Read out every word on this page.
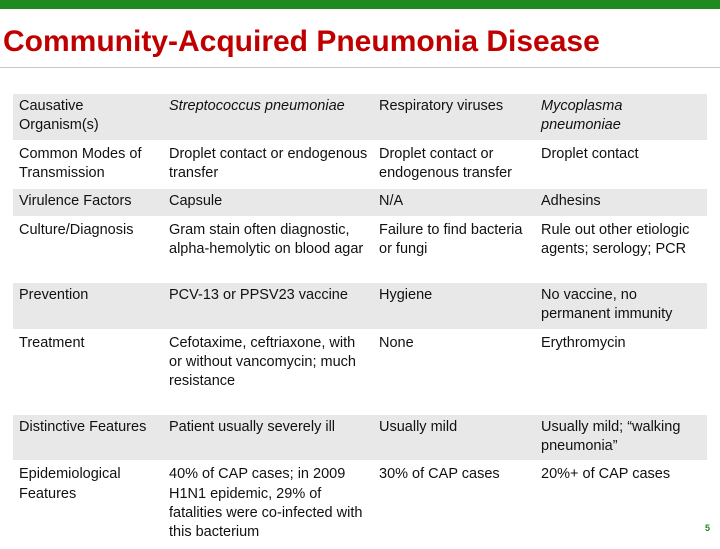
Community-Acquired Pneumonia Disease
Causative Organism(s)	Streptococcus pneumoniae	Respiratory viruses	Mycoplasma pneumoniae
Common Modes of Transmission	Droplet contact or endogenous transfer	Droplet contact or endogenous transfer	Droplet contact
Virulence Factors	Capsule	N/A	Adhesins
Culture/Diagnosis	Gram stain often diagnostic, alpha-hemolytic on blood agar	Failure to find bacteria or fungi	Rule out other etiologic agents; serology; PCR
Prevention	PCV-13 or PPSV23 vaccine	Hygiene	No vaccine, no permanent immunity
Treatment	Cefotaxime, ceftriaxone, with or without vancomycin; much resistance	None	Erythromycin
Distinctive Features	Patient usually severely ill	Usually mild	Usually mild; “walking pneumonia”
Epidemiological Features	40% of CAP cases; in 2009 H1N1 epidemic, 29% of fatalities were co-infected with this bacterium	30% of CAP cases	20%+ of CAP cases
5
